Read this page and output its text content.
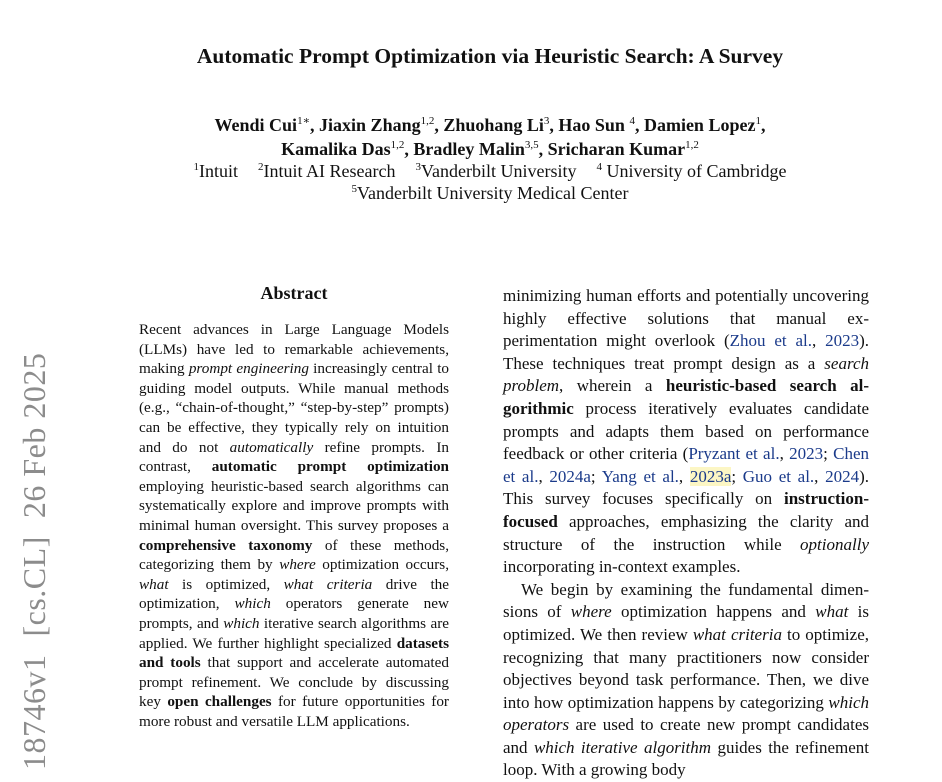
Automatic Prompt Optimization via Heuristic Search: A Survey
Wendi Cui$^{1∗}$, Jiaxin Zhang$^{1,2}$, Zhuohang Li$^3$, Hao Sun $^4$, Damien Lopez$^1$,
Kamalika Das$^{1,2}$, Bradley Malin$^{3,5}$, Sricharan Kumar$^{1,2}$
$^1$Intuit $^2$Intuit AI Research $^3$Vanderbilt University $^4$ University of Cambridge
$^5$Vanderbilt University Medical Center
18746v1[cs.CL]26 Feb 2025
Abstract

Recent advances in Large Language Models (LLMs) have led to remarkable achievements, making prompt engineering increasingly central to guiding model outputs. While manual methods (e.g., “chain-of-thought,” “step-by-step” prompts) can be effective, they typically rely on intuition and do not automatically refine prompts. In contrast, automatic prompt optimization employing heuristic-based search algorithms can systematically explore and improve prompts with minimal human oversight. This survey proposes a comprehensive taxonomy of these methods, categorizing them by where optimization occurs, what is optimized, what criteria drive the optimization, which operators generate new prompts, and which iterative search algorithms are applied. We further highlight specialized datasets and tools that support and accelerate automated prompt refinement. We conclude by discussing key open challenges for future opportunities for more robust and versatile LLM applications.

minimizing human efforts and potentially uncovering highly effective solutions that manual experimentation might overlook (Zhou et al., 2023). These techniques treat prompt design as a search problem, wherein a heuristic-based search algorithmic process iteratively evaluates candidate prompts and adapts them based on performance feedback or other criteria (Pryzant et al., 2023; Chen et al., 2024a; Yang et al., 2023a; Guo et al., 2024). This survey focuses specifically on instruction-focused approaches, emphasizing the clarity and structure of the instruction while optionally incorporating in-context examples.

We begin by examining the fundamental dimensions of where optimization happens and what is optimized. We then review what criteria to optimize, recognizing that many practitioners now consider objectives beyond task performance. Then, we dive into how optimization happens by categorizing which operators are used to create new prompt candidates and which iterative algorithm guides the refinement loop. With a growing body
